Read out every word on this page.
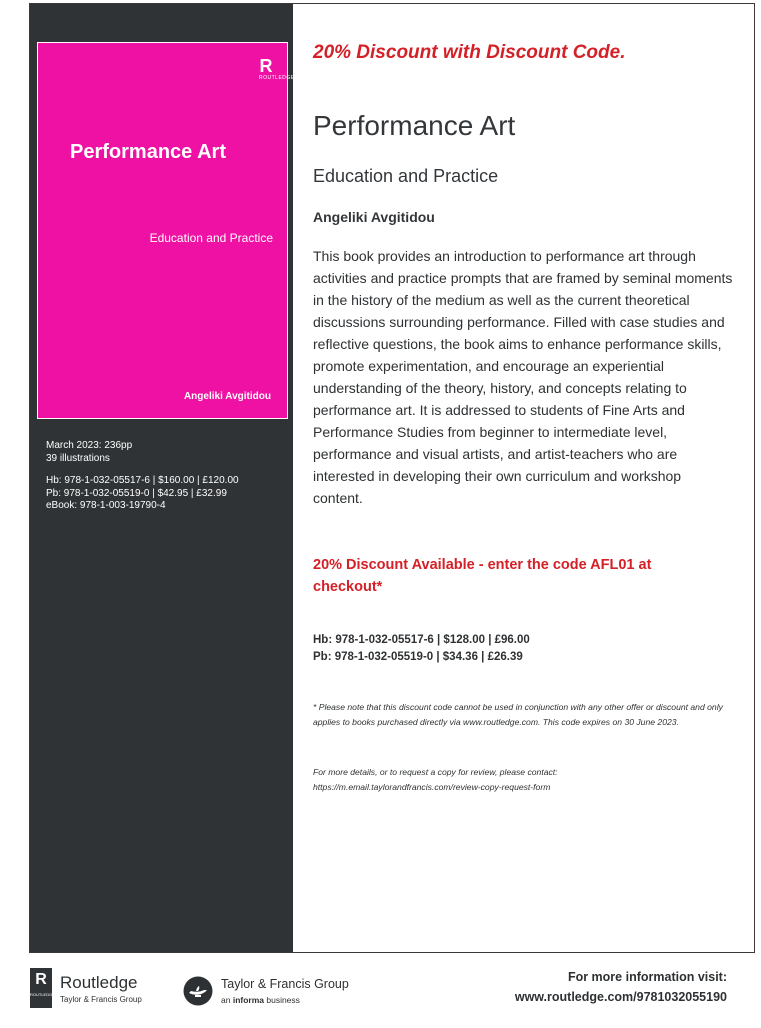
R
ROUTLEDGE
Performance Art
Education and Practice
Angeliki Avgitidou
March 2023: 236pp
39 illustrations
Hb: 978-1-032-05517-6 | $160.00 | £120.00
Pb: 978-1-032-05519-0 | $42.95 | £32.99
eBook: 978-1-003-19790-4
20% Discount with Discount Code.
Performance Art
Education and Practice
Angeliki Avgitidou
This book provides an introduction to performance art through activities and practice prompts that are framed by seminal moments in the history of the medium as well as the current theoretical discussions surrounding performance. Filled with case studies and reflective questions, the book aims to enhance performance skills, promote experimentation, and encourage an experiential understanding of the theory, history, and concepts relating to performance art. It is addressed to students of Fine Arts and Performance Studies from beginner to intermediate level, performance and visual artists, and artist-teachers who are interested in developing their own curriculum and workshop content.
20% Discount Available - enter the code AFL01 at checkout*
Hb: 978-1-032-05517-6 | $128.00 | £96.00
Pb: 978-1-032-05519-0 | $34.36 | £26.39
* Please note that this discount code cannot be used in conjunction with any other offer or discount and only applies to books purchased directly via www.routledge.com. This code expires on 30 June 2023.
For more details, or to request a copy for review, please contact:
https://m.email.taylorandfrancis.com/review-copy-request-form
R
ROUTLEDGE
Routledge
Taylor & Francis Group
Taylor & Francis Group
an informa business
For more information visit:
www.routledge.com/9781032055190
